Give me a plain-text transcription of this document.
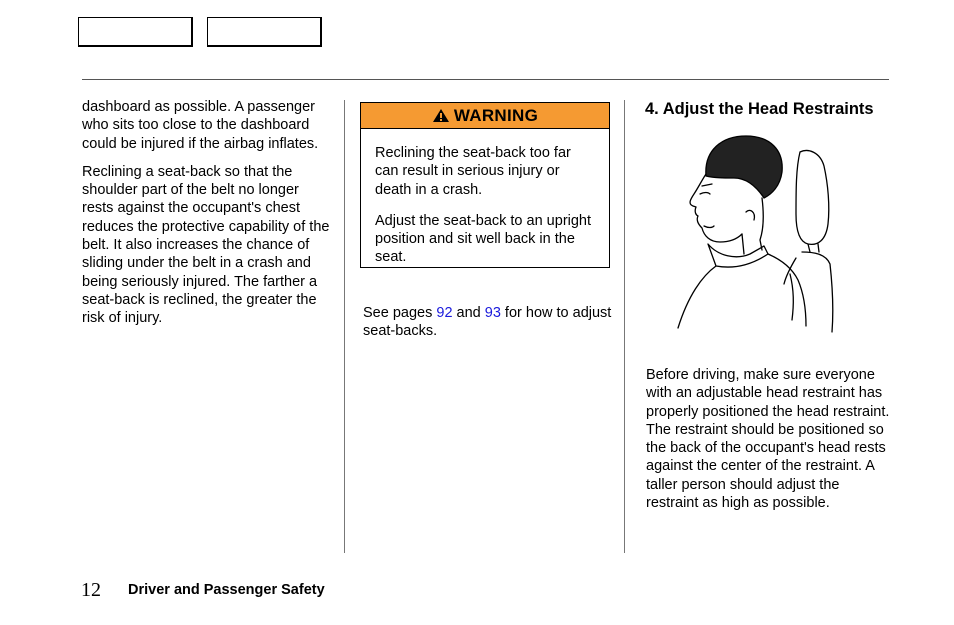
dashboard as possible. A passenger who sits too close to the dashboard could be injured if the airbag inflates.

Reclining a seat-back so that the shoulder part of the belt no longer rests against the occupant's chest reduces the protective capability of the belt. It also increases the chance of sliding under the belt in a crash and being seriously injured. The farther a seat-back is reclined, the greater the risk of injury.

WARNING

Reclining the seat-back too far can result in serious injury or death in a crash.

Adjust the seat-back to an upright position and sit well back in the seat.

See pages 92 and 93 for how to adjust seat-backs.
4. Adjust the Head Restraints

Before driving, make sure everyone with an adjustable head restraint has properly positioned the head restraint. The restraint should be positioned so the back of the occupant's head rests against the center of the restraint. A taller person should adjust the restraint as high as possible.

12 Driver and Passenger Safety
